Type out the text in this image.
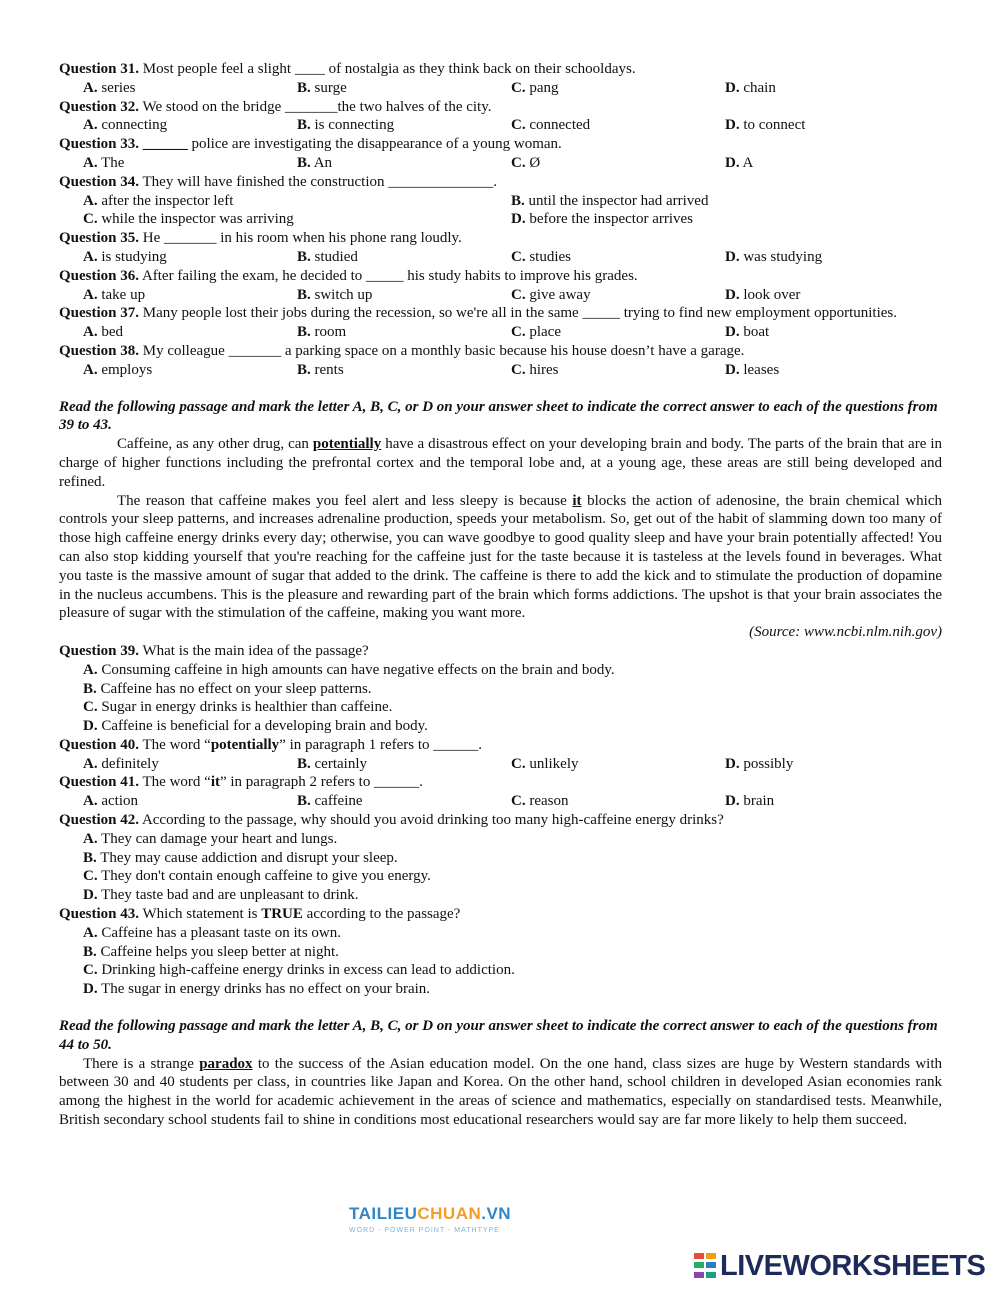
Question 31. Most people feel a slight ____ of nostalgia as they think back on their schooldays.
A. series	B. surge	C. pang	D. chain
Question 32. We stood on the bridge _______the two halves of the city.
A. connecting	B. is connecting	C. connected	D. to connect
Question 33. ______ police are investigating the disappearance of a young woman.
A. The	B. An	C. Ø	D. A
Question 34. They will have finished the construction ______________.
A. after the inspector left	B. until the inspector had arrived
C. while the inspector was arriving	D. before the inspector arrives
Question 35. He _______ in his room when his phone rang loudly.
A. is studying	B. studied	C. studies	D. was studying
Question 36. After failing the exam, he decided to _____ his study habits to improve his grades.
A. take up	B. switch up	C. give away	D. look over
Question 37. Many people lost their jobs during the recession, so we're all in the same _____ trying to find new employment opportunities.
A. bed	B. room	C. place	D. boat
Question 38. My colleague _______ a parking space on a monthly basic because his house doesn’t have a garage.
A. employs	B. rents	C. hires	D. leases
Read the following passage and mark the letter A, B, C, or D on your answer sheet to indicate the correct answer to each of the questions from 39 to 43.
Caffeine, as any other drug, can potentially have a disastrous effect on your developing brain and body. The parts of the brain that are in charge of higher functions including the prefrontal cortex and the temporal lobe and, at a young age, these areas are still being developed and refined.
The reason that caffeine makes you feel alert and less sleepy is because it blocks the action of adenosine, the brain chemical which controls your sleep patterns, and increases adrenaline production, speeds your metabolism. So, get out of the habit of slamming down too many of those high caffeine energy drinks every day; otherwise, you can wave goodbye to good quality sleep and have your brain potentially affected! You can also stop kidding yourself that you're reaching for the caffeine just for the taste because it is tasteless at the levels found in beverages. What you taste is the massive amount of sugar that added to the drink. The caffeine is there to add the kick and to stimulate the production of dopamine in the nucleus accumbens. This is the pleasure and rewarding part of the brain which forms addictions. The upshot is that your brain associates the pleasure of sugar with the stimulation of the caffeine, making you want more.
(Source: www.ncbi.nlm.nih.gov)
Question 39. What is the main idea of the passage?
A. Consuming caffeine in high amounts can have negative effects on the brain and body.
B. Caffeine has no effect on your sleep patterns.
C. Sugar in energy drinks is healthier than caffeine.
D. Caffeine is beneficial for a developing brain and body.
Question 40. The word “potentially” in paragraph 1 refers to ______.
A. definitely	B. certainly	C. unlikely	D. possibly
Question 41. The word “it” in paragraph 2 refers to ______.
A. action	B. caffeine	C. reason	D. brain
Question 42. According to the passage, why should you avoid drinking too many high-caffeine energy drinks?
A. They can damage your heart and lungs.
B. They may cause addiction and disrupt your sleep.
C. They don't contain enough caffeine to give you energy.
D. They taste bad and are unpleasant to drink.
Question 43. Which statement is TRUE according to the passage?
A. Caffeine has a pleasant taste on its own.
B. Caffeine helps you sleep better at night.
C. Drinking high-caffeine energy drinks in excess can lead to addiction.
D. The sugar in energy drinks has no effect on your brain.
Read the following passage and mark the letter A, B, C, or D on your answer sheet to indicate the correct answer to each of the questions from 44 to 50.
There is a strange paradox to the success of the Asian education model. On the one hand, class sizes are huge by Western standards with between 30 and 40 students per class, in countries like Japan and Korea. On the other hand, school children in developed Asian economies rank among the highest in the world for academic achievement in the areas of science and mathematics, especially on standardised tests. Meanwhile, British secondary school students fail to shine in conditions most educational researchers would say are far more likely to help them succeed.
TAILIEUCHUAN.VN
WORD - POWER POINT - MATHTYPE
LIVEWORKSHEETS
